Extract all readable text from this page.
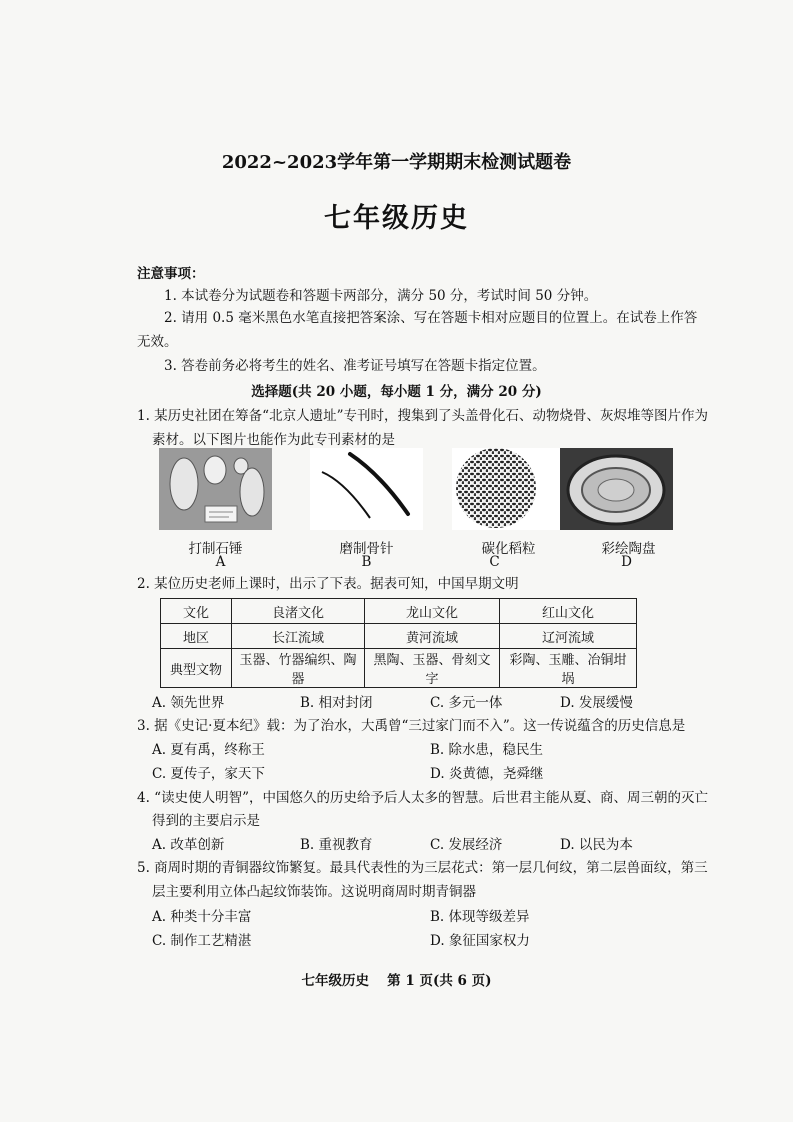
2022~2023学年第一学期期末检测试题卷
七年级历史
注意事项：
1. 本试卷分为试题卷和答题卡两部分，满分 50 分，考试时间 50 分钟。
2. 请用 0.5 毫米黑色水笔直接把答案涂、写在答题卡相对应题目的位置上。在试卷上作答
无效。
3. 答卷前务必将考生的姓名、准考证号填写在答题卡指定位置。
选择题(共 20 小题，每小题 1 分，满分 20 分)
1. 某历史社团在筹备“北京人遗址”专刊时，搜集到了头盖骨化石、动物烧骨、灰烬堆等图片作为
素材。以下图片也能作为此专刊素材的是
打制石锤
A
磨制骨针
B
碳化稻粒
C
彩绘陶盘
D
2. 某位历史老师上课时，出示了下表。据表可知，中国早期文明
文化	良渚文化	龙山文化	红山文化
地区	长江流域	黄河流域	辽河流域
典型文物	玉器、竹器编织、陶器	黑陶、玉器、骨刻文字	彩陶、玉雕、冶铜坩埚
A. 领先世界	B. 相对封闭	C. 多元一体	D. 发展缓慢
3. 据《史记·夏本纪》载：为了治水，大禹曾“三过家门而不入”。这一传说蕴含的历史信息是
A. 夏有禹，终称王	B. 除水患，稳民生
C. 夏传子，家天下	D. 炎黄德，尧舜继
4. “读史使人明智”，中国悠久的历史给予后人太多的智慧。后世君主能从夏、商、周三朝的灭亡
得到的主要启示是
A. 改革创新	B. 重视教育	C. 发展经济	D. 以民为本
5. 商周时期的青铜器纹饰繁复。最具代表性的为三层花式：第一层几何纹，第二层兽面纹，第三
层主要利用立体凸起纹饰装饰。这说明商周时期青铜器
A. 种类十分丰富	B. 体现等级差异
C. 制作工艺精湛	D. 象征国家权力
七年级历史　 第 1 页(共 6 页)
